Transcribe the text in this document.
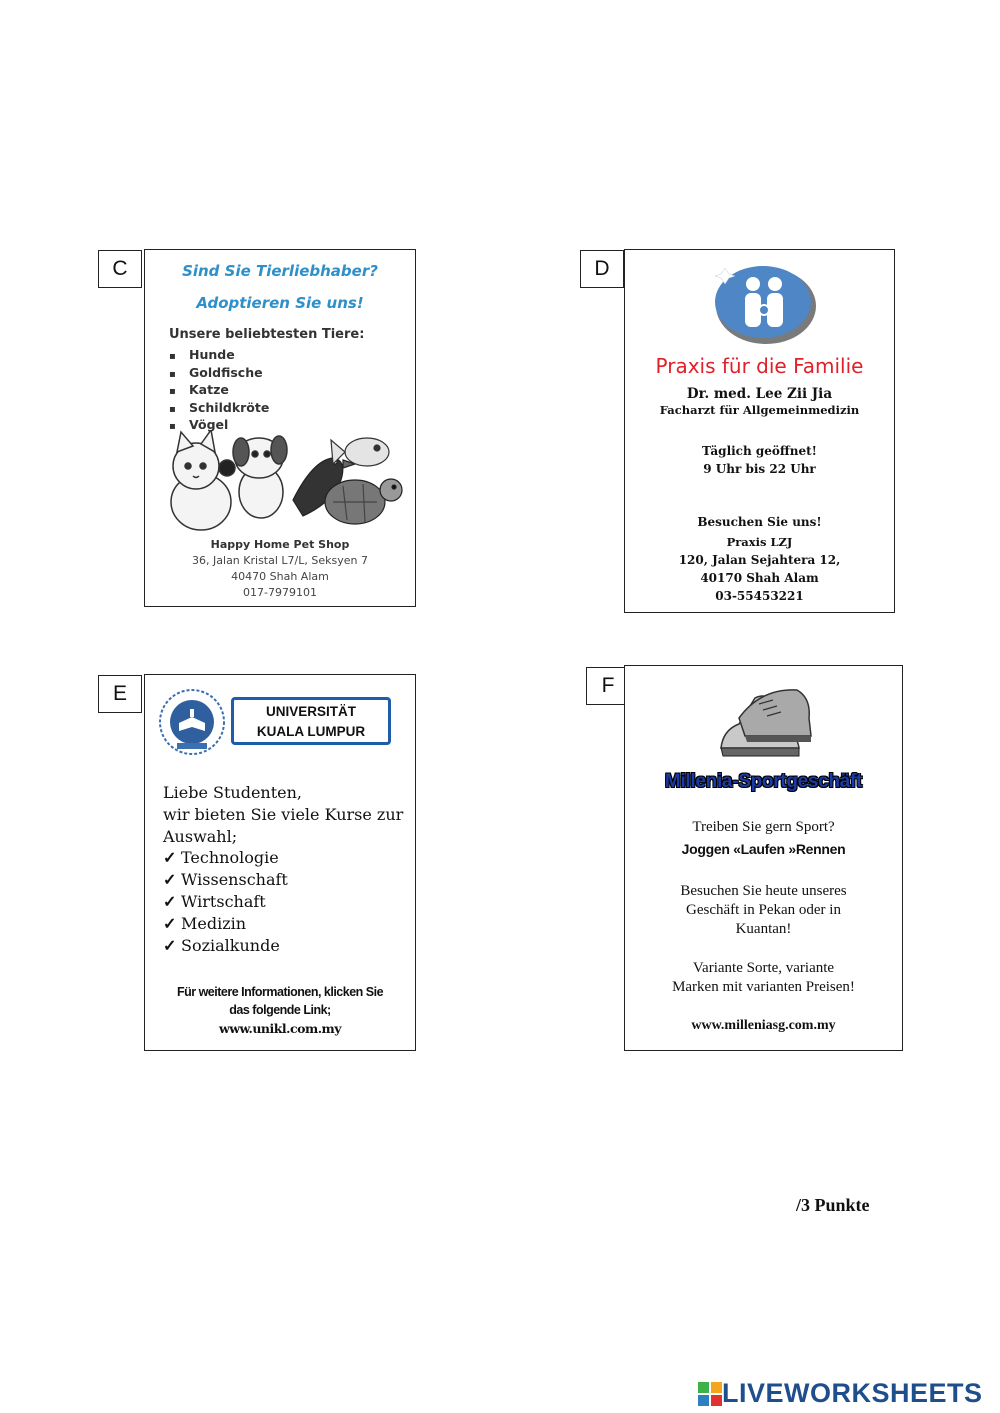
C	Sind Sie Tierliebhaber?
Adoptieren Sie uns!
Unsere beliebtesten Tiere:
▪ Hunde
▪ Goldfische
▪ Katze
▪ Schildkröte
▪ Vögel
Happy Home Pet Shop
36, Jalan Kristal L7/L, Seksyen 7
40470 Shah Alam
017-7979101
D
Praxis für die Familie
Dr. med. Lee Zii Jia
Facharzt für Allgemeinmedizin
Täglich geöffnet!
9 Uhr bis 22 Uhr
Besuchen Sie uns!
Praxis LZJ
120, Jalan Sejahtera 12,
40170 Shah Alam
03-55453221
E
UNIVERSITÄT
KUALA LUMPUR
Liebe Studenten,
wir bieten Sie viele Kurse zur
Auswahl;
✓ Technologie
✓ Wissenschaft
✓ Wirtschaft
✓ Medizin
✓ Sozialkunde
Für weitere Informationen, klicken Sie
das folgende Link;
www.unikl.com.my
F
Millenia-Sportgeschäft
Treiben Sie gern Sport?
Joggen «Laufen »Rennen
Besuchen Sie heute unseres
Geschäft in Pekan oder in
Kuantan!
Variante Sorte, variante
Marken mit varianten Preisen!
www.milleniasg.com.my
/3 Punkte
LIVEWORKSHEETS
